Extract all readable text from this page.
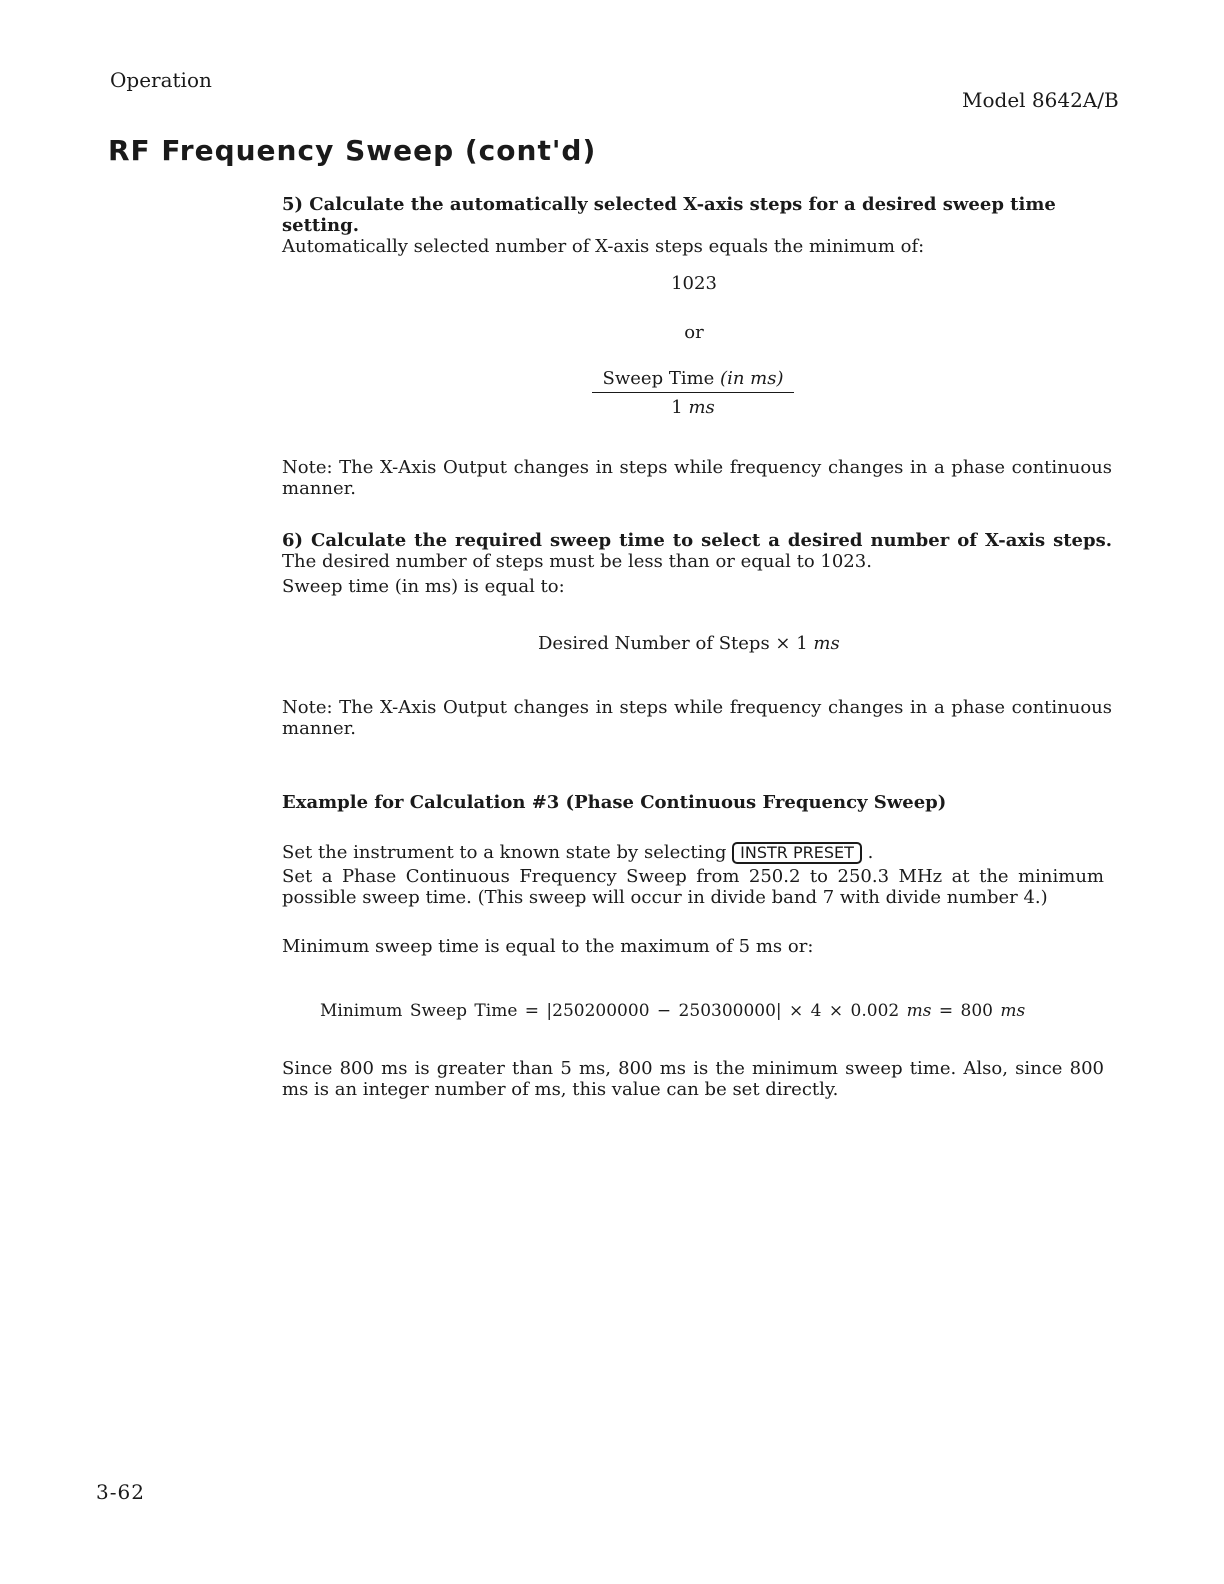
Operation
Model 8642A/B
RF Frequency Sweep (cont'd)
5) Calculate the automatically selected X-axis steps for a desired sweep time setting.
Automatically selected number of X-axis steps equals the minimum of:
1023
or
Sweep Time (in ms)
1 ms
Note: The X-Axis Output changes in steps while frequency changes in a phase continuous manner.
6) Calculate the required sweep time to select a desired number of X-axis steps. The desired number of steps must be less than or equal to 1023.
Sweep time (in ms) is equal to:
Desired Number of Steps × 1 ms
Note: The X-Axis Output changes in steps while frequency changes in a phase continuous manner.
Example for Calculation #3 (Phase Continuous Frequency Sweep)
Set the instrument to a known state by selecting INSTR PRESET .
Set a Phase Continuous Frequency Sweep from 250.2 to 250.3 MHz at the minimum possible sweep time. (This sweep will occur in divide band 7 with divide number 4.)
Minimum sweep time is equal to the maximum of 5 ms or:
Minimum Sweep Time = |250200000 − 250300000| × 4 × 0.002 ms = 800 ms
Since 800 ms is greater than 5 ms, 800 ms is the minimum sweep time. Also, since 800 ms is an integer number of ms, this value can be set directly.
3-62
